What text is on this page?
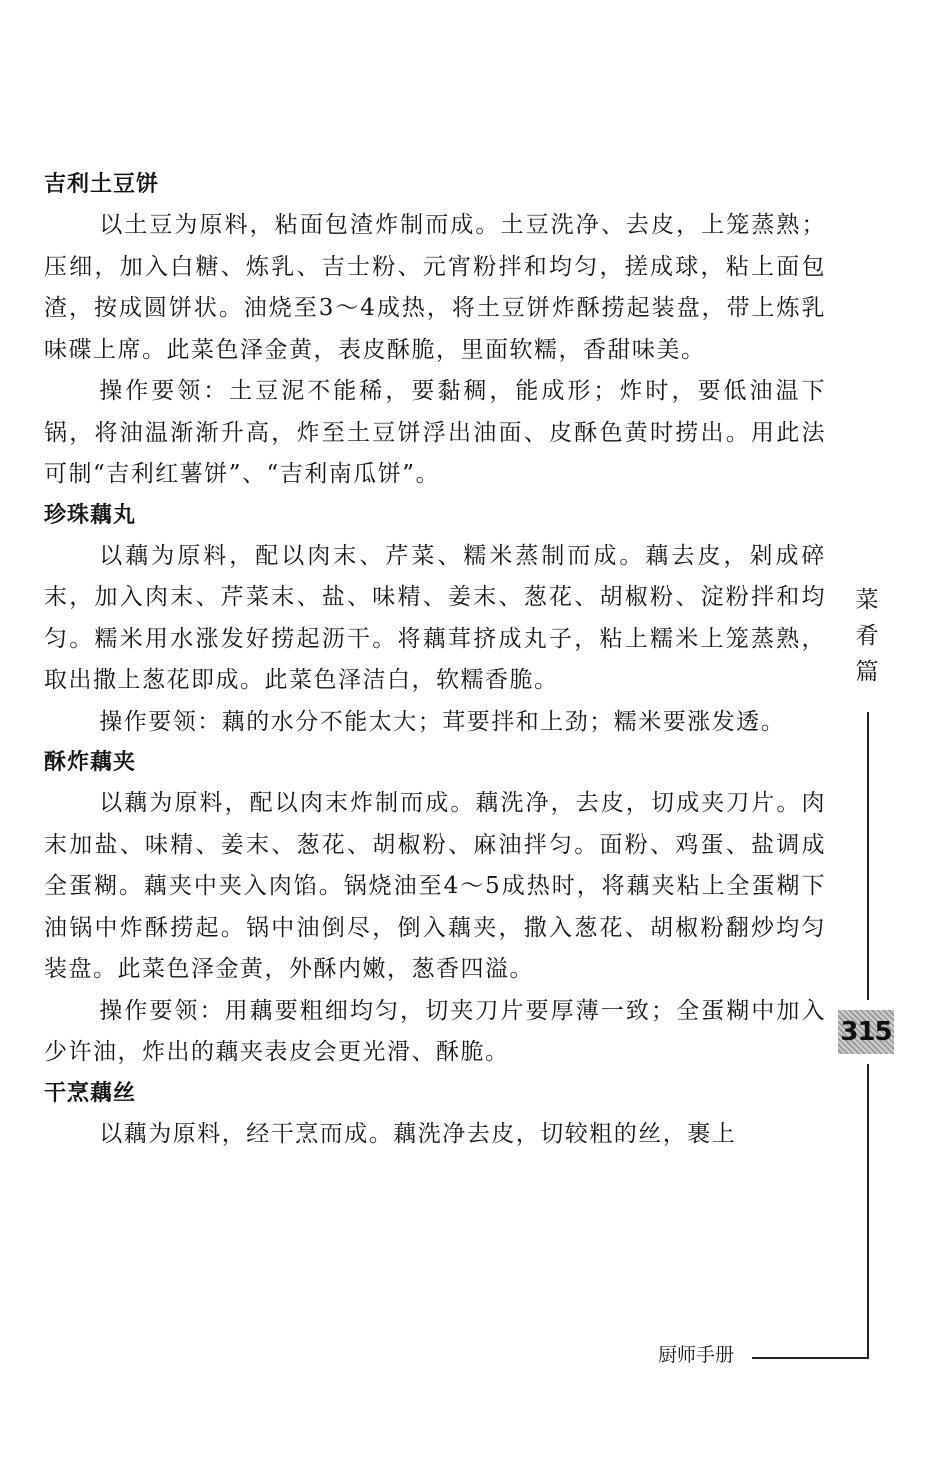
吉利土豆饼

以土豆为原料，粘面包渣炸制而成。土豆洗净、去皮，上笼蒸熟；压细，加入白糖、炼乳、吉士粉、元宵粉拌和均匀，搓成球，粘上面包渣，按成圆饼状。油烧至3～4成热，将土豆饼炸酥捞起装盘，带上炼乳味碟上席。此菜色泽金黄，表皮酥脆，里面软糯，香甜味美。

操作要领：土豆泥不能稀，要黏稠，能成形；炸时，要低油温下锅，将油温渐渐升高，炸至土豆饼浮出油面、皮酥色黄时捞出。用此法可制“吉利红薯饼”、“吉利南瓜饼”。

珍珠藕丸

以藕为原料，配以肉末、芹菜、糯米蒸制而成。藕去皮，剁成碎末，加入肉末、芹菜末、盐、味精、姜末、葱花、胡椒粉、淀粉拌和均匀。糯米用水涨发好捞起沥干。将藕茸挤成丸子，粘上糯米上笼蒸熟，取出撒上葱花即成。此菜色泽洁白，软糯香脆。

操作要领：藕的水分不能太大；茸要拌和上劲；糯米要涨发透。

酥炸藕夹

以藕为原料，配以肉末炸制而成。藕洗净，去皮，切成夹刀片。肉末加盐、味精、姜末、葱花、胡椒粉、麻油拌匀。面粉、鸡蛋、盐调成全蛋糊。藕夹中夹入肉馅。锅烧油至4～5成热时，将藕夹粘上全蛋糊下油锅中炸酥捞起。锅中油倒尽，倒入藕夹，撒入葱花、胡椒粉翻炒均匀装盘。此菜色泽金黄，外酥内嫩，葱香四溢。

操作要领：用藕要粗细均匀，切夹刀片要厚薄一致；全蛋糊中加入少许油，炸出的藕夹表皮会更光滑、酥脆。

干烹藕丝

以藕为原料，经干烹而成。藕洗净去皮，切较粗的丝，裹上

菜
肴
篇
315
厨师手册
